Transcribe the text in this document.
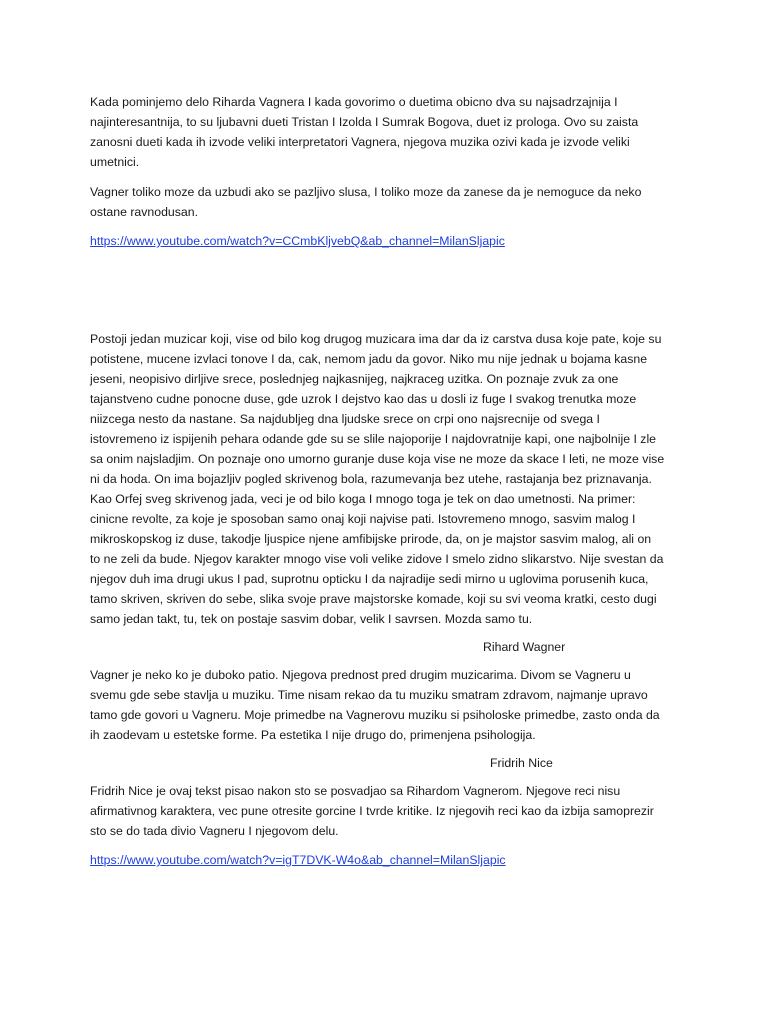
Kada pominjemo delo Riharda Vagnera I kada govorimo o duetima obicno dva su najsadrzajnija I
najinteresantnija, to su ljubavni dueti Tristan I Izolda I Sumrak Bogova, duet iz prologa. Ovo su zaista
zanosni dueti kada ih izvode veliki interpretatori Vagnera, njegova muzika ozivi kada je izvode veliki
umetnici.

Vagner toliko moze da uzbudi ako se pazljivo slusa, I toliko moze da zanese da je nemoguce da neko
ostane ravnodusan.

https://www.youtube.com/watch?v=CCmbKljvebQ&ab_channel=MilanSljapic

Postoji jedan muzicar koji, vise od bilo kog drugog muzicara ima dar da iz carstva dusa koje pate, koje su
potistene, mucene izvlaci tonove I da, cak, nemom jadu da govor. Niko mu nije jednak u bojama kasne
jeseni, neopisivo dirljive srece, poslednjeg najkasnijeg, najkraceg uzitka. On poznaje zvuk za one
tajanstveno cudne ponocne duse, gde uzrok I dejstvo kao das u dosli iz fuge I svakog trenutka moze
niizcega nesto da nastane. Sa najdubljeg dna ljudske srece on crpi ono najsrecnije od svega I
istovremeno iz ispijenih pehara odande gde su se slile najoporije I najdovratnije kapi, one najbolnije I zle
sa onim najsladjim. On poznaje ono umorno guranje duse koja vise ne moze da skace I leti, ne moze vise
ni da hoda. On ima bojazljiv pogled skrivenog bola, razumevanja bez utehe, rastajanja bez priznavanja.
Kao Orfej sveg skrivenog jada, veci je od bilo koga I mnogo toga je tek on dao umetnosti. Na primer:
cinicne revolte, za koje je sposoban samo onaj koji najvise pati. Istovremeno mnogo, sasvim malog I
mikroskopskog iz duse, takodje ljuspice njene amfibijske prirode, da, on je majstor sasvim malog, ali on
to ne zeli da bude. Njegov karakter mnogo vise voli velike zidove I smelo zidno slikarstvo. Nije svestan da
njegov duh ima drugi ukus I pad, suprotnu opticku I da najradije sedi mirno u uglovima porusenih kuca,
tamo skriven, skriven do sebe, slika svoje prave majstorske komade, koji su svi veoma kratki, cesto dugi
samo jedan takt, tu, tek on postaje sasvim dobar, velik I savrsen. Mozda samo tu.

Rihard Wagner

Vagner je neko ko je duboko patio. Njegova prednost pred drugim muzicarima. Divom se Vagneru u
svemu gde sebe stavlja u muziku. Time nisam rekao da tu muziku smatram zdravom, najmanje upravo
tamo gde govori u Vagneru. Moje primedbe na Vagnerovu muziku si psiholoske primedbe, zasto onda da
ih zaodevam u estetske forme. Pa estetika I nije drugo do, primenjena psihologija.

Fridrih Nice

Fridrih Nice je ovaj tekst pisao nakon sto se posvadjao sa Rihardom Vagnerom. Njegove reci nisu
afirmativnog karaktera, vec pune otresite gorcine I tvrde kritike. Iz njegovih reci kao da izbija samoprezir
sto se do tada divio Vagneru I njegovom delu.

https://www.youtube.com/watch?v=igT7DVK-W4o&ab_channel=MilanSljapic
